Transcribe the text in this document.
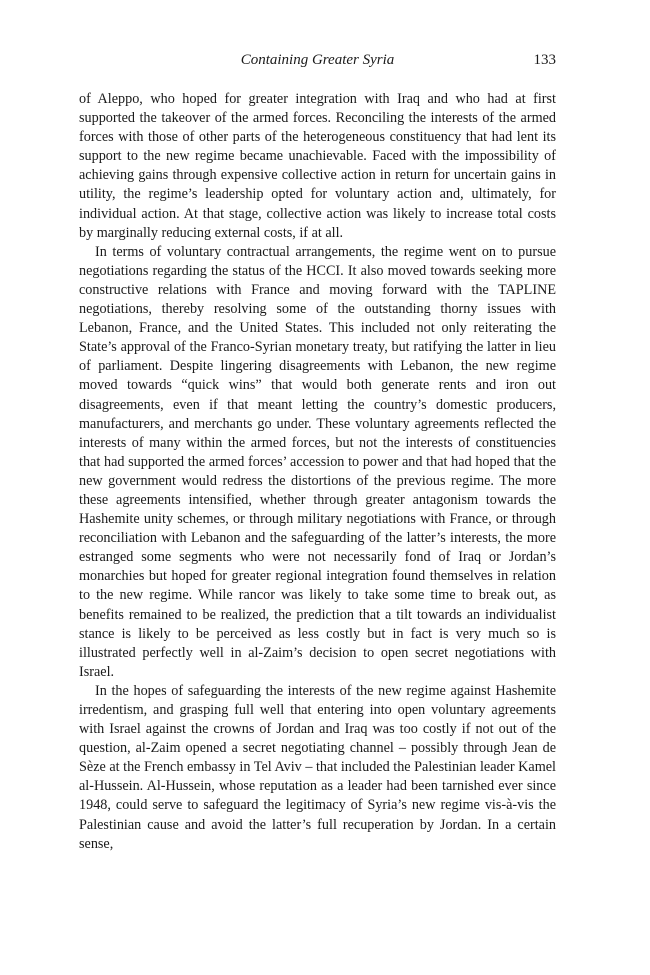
Containing Greater Syria	133

of Aleppo, who hoped for greater integration with Iraq and who had at first supported the takeover of the armed forces. Reconciling the interests of the armed forces with those of other parts of the heterogeneous constituency that had lent its support to the new regime became unachievable. Faced with the impossibility of achieving gains through expensive collective action in return for uncertain gains in utility, the regime’s leadership opted for voluntary action and, ultimately, for individual action. At that stage, collective action was likely to increase total costs by marginally reducing external costs, if at all.

In terms of voluntary contractual arrangements, the regime went on to pursue negotiations regarding the status of the HCCI. It also moved towards seeking more constructive relations with France and moving forward with the TAPLINE negotiations, thereby resolving some of the outstanding thorny issues with Lebanon, France, and the United States. This included not only reiterating the State’s approval of the Franco-Syrian monetary treaty, but ratifying the latter in lieu of parliament. Despite lingering disagreements with Lebanon, the new regime moved towards “quick wins” that would both generate rents and iron out disagreements, even if that meant letting the country’s domestic producers, manufacturers, and merchants go under. These voluntary agreements reflected the interests of many within the armed forces, but not the interests of constituencies that had supported the armed forces’ accession to power and that had hoped that the new government would redress the distortions of the previous regime. The more these agreements intensified, whether through greater antagonism towards the Hashemite unity schemes, or through military negotiations with France, or through reconciliation with Lebanon and the safeguarding of the latter’s interests, the more estranged some segments who were not necessarily fond of Iraq or Jordan’s monarchies but hoped for greater regional integration found themselves in relation to the new regime. While rancor was likely to take some time to break out, as benefits remained to be realized, the prediction that a tilt towards an individualist stance is likely to be perceived as less costly but in fact is very much so is illustrated perfectly well in al-Zaim’s decision to open secret negotiations with Israel.

In the hopes of safeguarding the interests of the new regime against Hashemite irredentism, and grasping full well that entering into open voluntary agreements with Israel against the crowns of Jordan and Iraq was too costly if not out of the question, al-Zaim opened a secret negotiating channel – possibly through Jean de Sèze at the French embassy in Tel Aviv – that included the Palestinian leader Kamel al-Hussein. Al-Hussein, whose reputation as a leader had been tarnished ever since 1948, could serve to safeguard the legitimacy of Syria’s new regime vis-à-vis the Palestinian cause and avoid the latter’s full recuperation by Jordan. In a certain sense,
